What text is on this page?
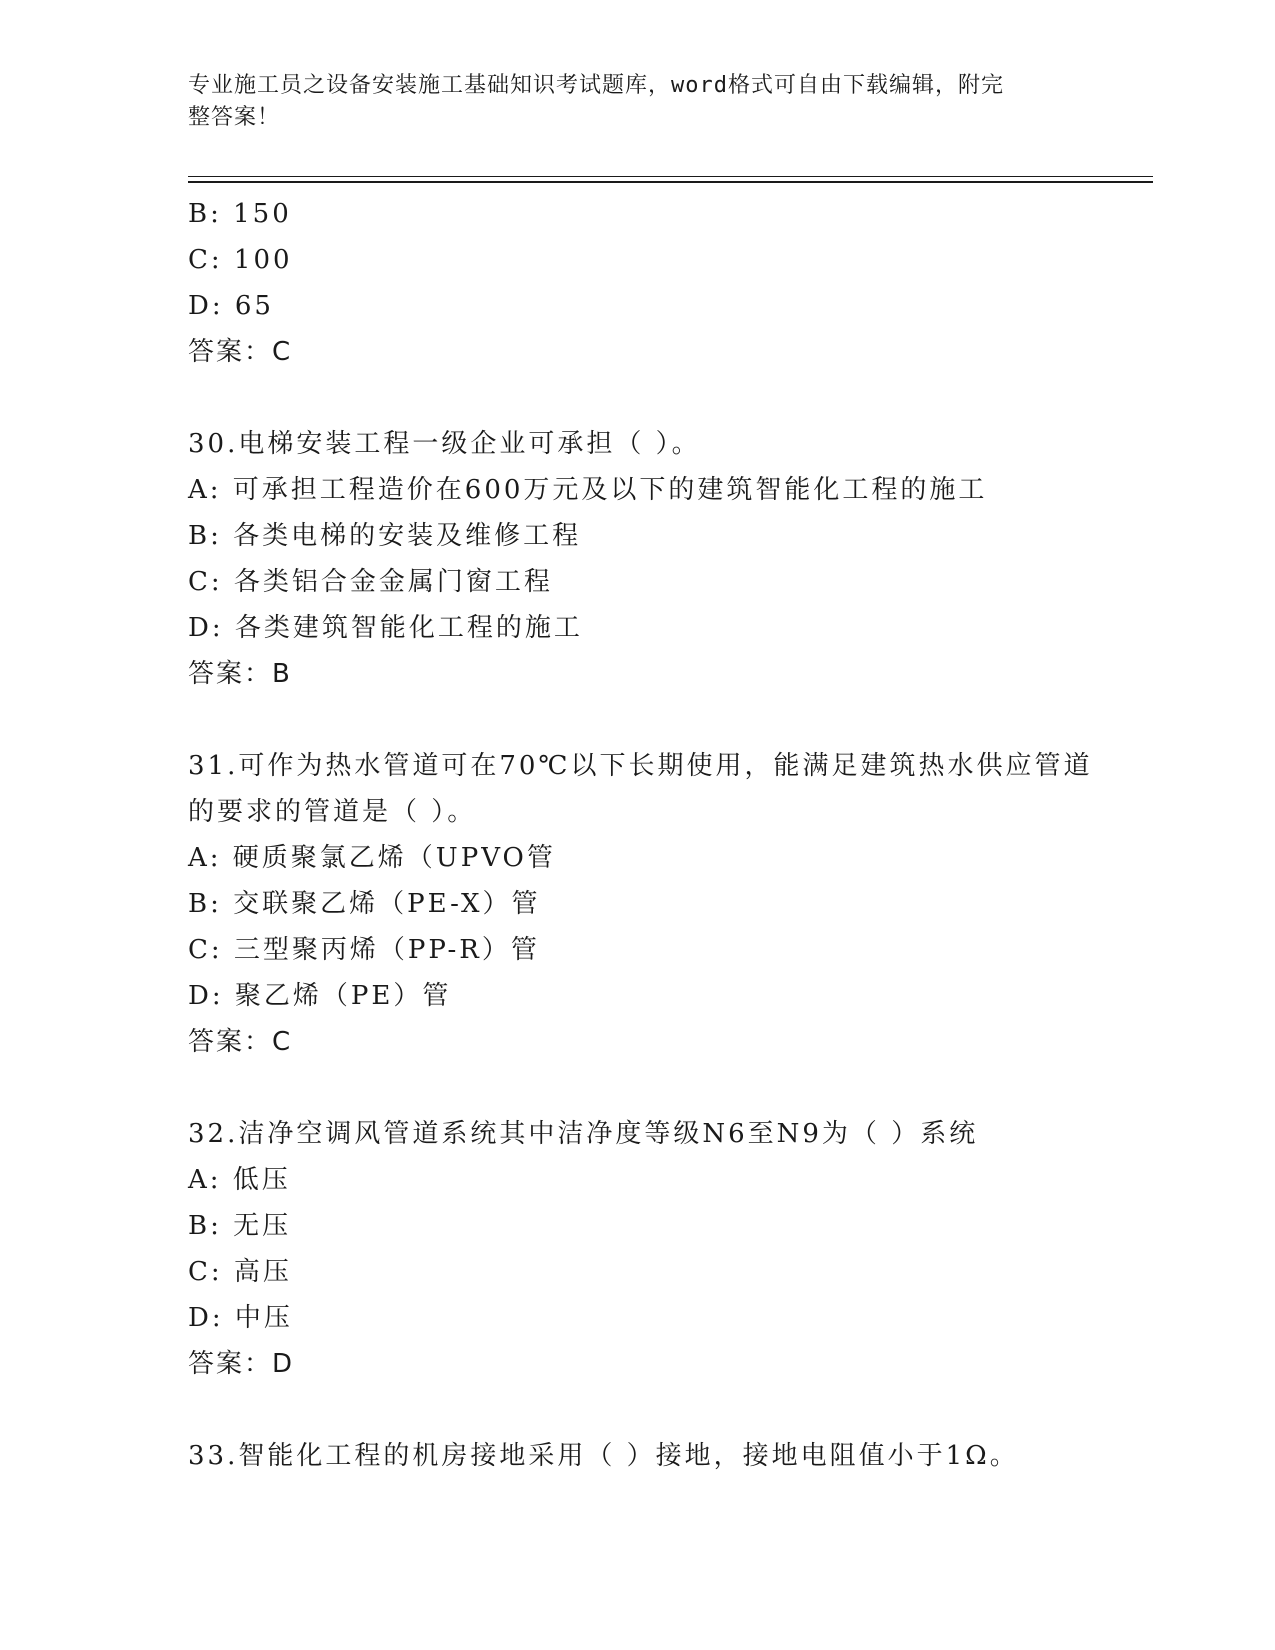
专业施工员之设备安装施工基础知识考试题库，word格式可自由下载编辑，附完

整答案！

B: 150
C: 100
D: 65
答案：C
30.电梯安装工程一级企业可承担（ ）。
A: 可承担工程造价在600万元及以下的建筑智能化工程的施工
B: 各类电梯的安装及维修工程
C: 各类铝合金金属门窗工程
D: 各类建筑智能化工程的施工
答案：B
31.可作为热水管道可在70℃以下长期使用，能满足建筑热水供应管道
的要求的管道是（ ）。
A: 硬质聚氯乙烯（UPVO管
B: 交联聚乙烯（PE-X）管
C: 三型聚丙烯（PP-R）管
D: 聚乙烯（PE）管
答案：C
32.洁净空调风管道系统其中洁净度等级N6至N9为（ ）系统
A: 低压
B: 无压
C: 高压
D: 中压
答案：D
33.智能化工程的机房接地采用（ ）接地，接地电阻值小于1Ω。
